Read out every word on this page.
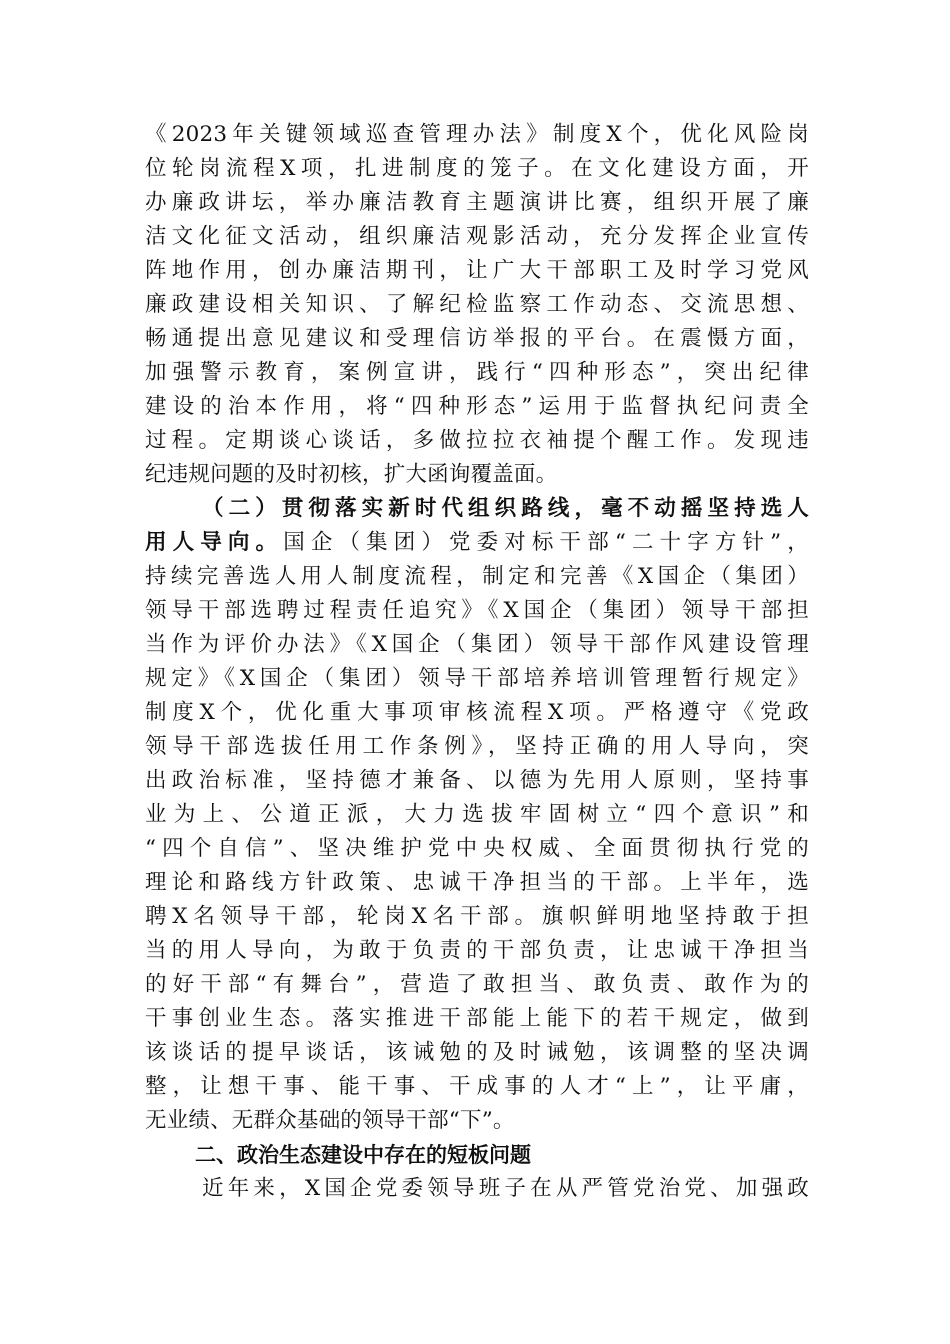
《2023年关键领域巡查管理办法》制度X个，优化风险岗
位轮岗流程X项，扎进制度的笼子。在文化建设方面，开
办廉政讲坛，举办廉洁教育主题演讲比赛，组织开展了廉
洁文化征文活动，组织廉洁观影活动，充分发挥企业宣传
阵地作用，创办廉洁期刊，让广大干部职工及时学习党风
廉政建设相关知识、了解纪检监察工作动态、交流思想、
畅通提出意见建议和受理信访举报的平台。在震慑方面，
加强警示教育，案例宣讲，践行“四种形态”，突出纪律
建设的治本作用，将“四种形态”运用于监督执纪问责全
过程。定期谈心谈话，多做拉拉衣袖提个醒工作。发现违
纪违规问题的及时初核，扩大函询覆盖面。
（二）贯彻落实新时代组织路线，毫不动摇坚持选人
用人导向。国企（集团）党委对标干部“二十字方针”，
持续完善选人用人制度流程，制定和完善《X国企（集团）
领导干部选聘过程责任追究》《X国企（集团）领导干部担
当作为评价办法》《X国企（集团）领导干部作风建设管理
规定》《X国企（集团）领导干部培养培训管理暂行规定》
制度X个，优化重大事项审核流程X项。严格遵守《党政
领导干部选拔任用工作条例》，坚持正确的用人导向，突
出政治标准，坚持德才兼备、以德为先用人原则，坚持事
业为上、公道正派，大力选拔牢固树立“四个意识”和
“四个自信”、坚决维护党中央权威、全面贯彻执行党的
理论和路线方针政策、忠诚干净担当的干部。上半年，选
聘X名领导干部，轮岗X名干部。旗帜鲜明地坚持敢于担
当的用人导向，为敢于负责的干部负责，让忠诚干净担当
的好干部“有舞台”，营造了敢担当、敢负责、敢作为的
干事创业生态。落实推进干部能上能下的若干规定，做到
该谈话的提早谈话，该诫勉的及时诫勉，该调整的坚决调
整，让想干事、能干事、干成事的人才“上”，让平庸，
无业绩、无群众基础的领导干部“下”。
二、政治生态建设中存在的短板问题
近年来，X国企党委领导班子在从严管党治党、加强政
